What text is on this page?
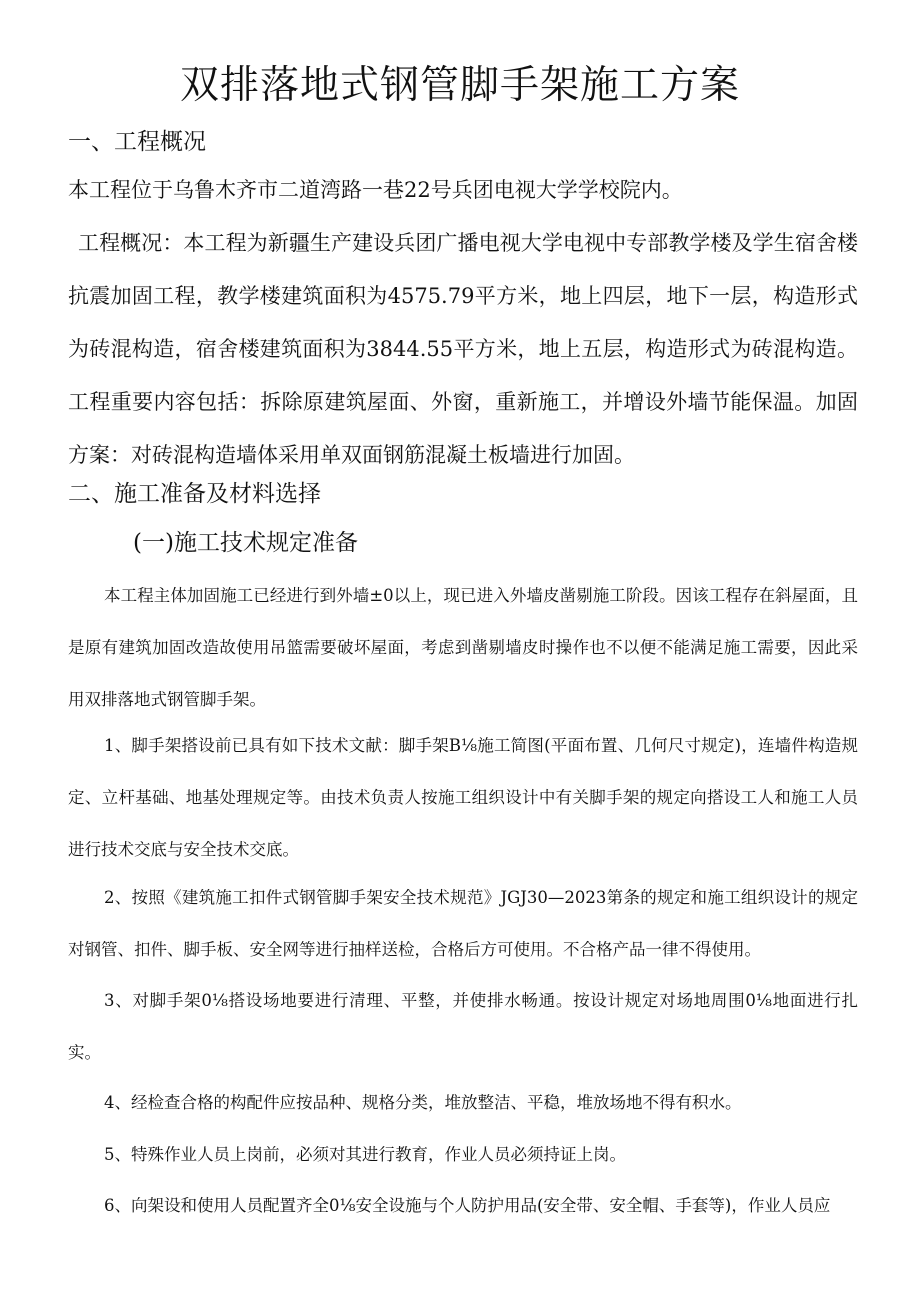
双排落地式钢管脚手架施工方案
一、工程概况

本工程位于乌鲁木齐市二道湾路一巷22号兵团电视大学学校院内。

工程概况：本工程为新疆生产建设兵团广播电视大学电视中专部教学楼及学生宿舍楼抗震加固工程，教学楼建筑面积为4575.79平方米，地上四层，地下一层，构造形式为砖混构造，宿舍楼建筑面积为3844.55平方米，地上五层，构造形式为砖混构造。工程重要内容包括：拆除原建筑屋面、外窗，重新施工，并增设外墙节能保温。加固方案：对砖混构造墙体采用单双面钢筋混凝土板墙进行加固。

二、施工准备及材料选择
(一)施工技术规定准备

本工程主体加固施工已经进行到外墙±0以上，现已进入外墙皮凿剔施工阶段。因该工程存在斜屋面，且是原有建筑加固改造故使用吊篮需要破坏屋面，考虑到凿剔墙皮时操作也不以便不能满足施工需要，因此采用双排落地式钢管脚手架。

1、脚手架搭设前已具有如下技术文献：脚手架B⅛施工简图(平面布置、几何尺寸规定)，连墙件构造规定、立杆基础、地基处理规定等。由技术负责人按施工组织设计中有关脚手架的规定向搭设工人和施工人员进行技术交底与安全技术交底。

2、按照《建筑施工扣件式钢管脚手架安全技术规范》JGJ30—2023第条的规定和施工组织设计的规定对钢管、扣件、脚手板、安全网等进行抽样送检，合格后方可使用。不合格产品一律不得使用。

3、对脚手架0⅛搭设场地要进行清理、平整，并使排水畅通。按设计规定对场地周围0⅛地面进行扎实。

4、经检查合格的构配件应按品种、规格分类，堆放整洁、平稳，堆放场地不得有积水。

5、特殊作业人员上岗前，必须对其进行教育，作业人员必须持证上岗。

6、向架设和使用人员配置齐全0⅛安全设施与个人防护用品(安全带、安全帽、手套等)，作业人员应
